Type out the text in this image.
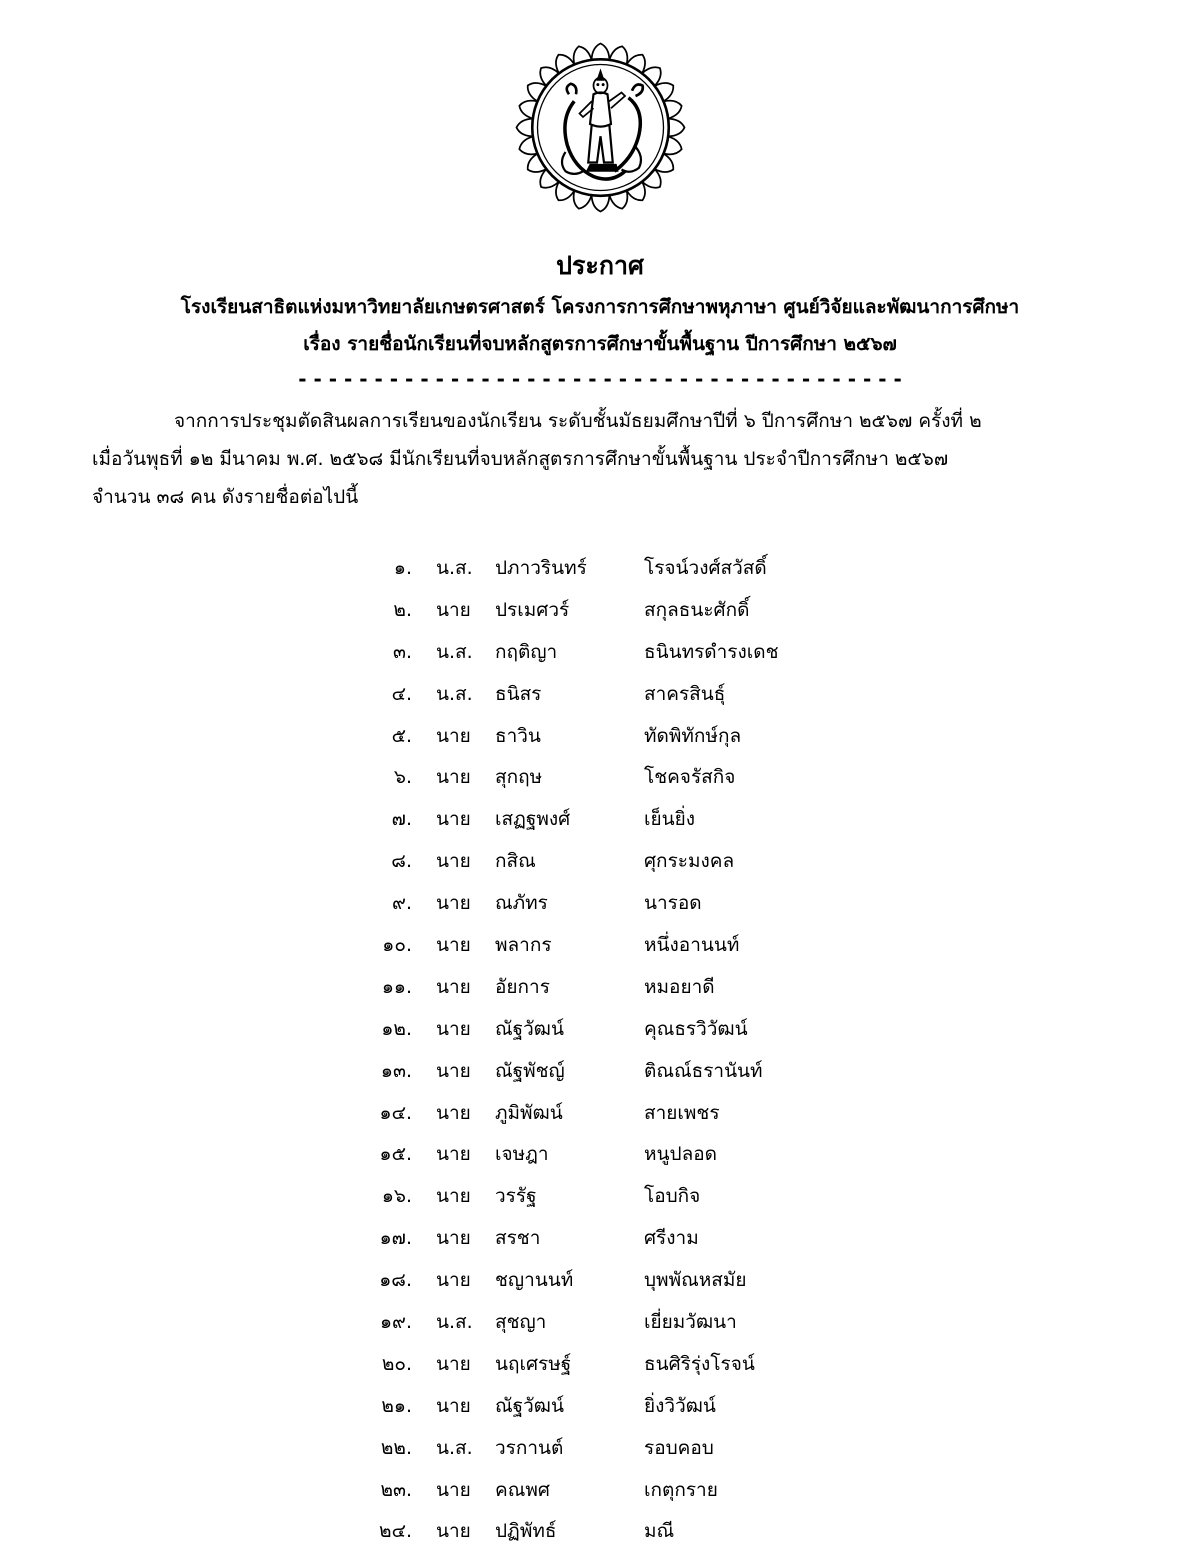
ประกาศ
โรงเรียนสาธิตแห่งมหาวิทยาลัยเกษตรศาสตร์ โครงการการศึกษาพหุภาษา ศูนย์วิจัยและพัฒนาการศึกษา
เรื่อง รายชื่อนักเรียนที่จบหลักสูตรการศึกษาขั้นพื้นฐาน ปีการศึกษา ๒๕๖๗
- - - - - - - - - - - - - - - - - - - - - - - - - - - - - - - - - - - - - - - -
จากการประชุมตัดสินผลการเรียนของนักเรียน ระดับชั้นมัธยมศึกษาปีที่ ๖ ปีการศึกษา ๒๕๖๗ ครั้งที่ ๒
เมื่อวันพุธที่ ๑๒ มีนาคม พ.ศ. ๒๕๖๘ มีนักเรียนที่จบหลักสูตรการศึกษาขั้นพื้นฐาน ประจำปีการศึกษา ๒๕๖๗
จำนวน ๓๘ คน ดังรายชื่อต่อไปนี้
๑. น.ส. ปภาวรินทร์	โรจน์วงศ์สวัสดิ์
๒. นาย ปรเมศวร์	สกุลธนะศักดิ์
๓. น.ส. กฤติญา	ธนินทรดำรงเดช
๔. น.ส. ธนิสร	สาครสินธุ์
๕. นาย ธาวิน	ทัดพิทักษ์กุล
๖. นาย สุกฤษ	โชคจรัสกิจ
๗. นาย เสฏฐพงศ์	เย็นยิ่ง
๘. นาย กสิณ	ศุกระมงคล
๙. นาย ณภัทร	นารอด
๑๐. นาย พลากร	หนึ่งอานนท์
๑๑. นาย อัยการ	หมอยาดี
๑๒. นาย ณัฐวัฒน์	คุณธรวิวัฒน์
๑๓. นาย ณัฐพัชญ์	ติณณ์ธรานันท์
๑๔. นาย ภูมิพัฒน์	สายเพชร
๑๕. นาย เจษฎา	หนูปลอด
๑๖. นาย วรรัฐ	โอบกิจ
๑๗. นาย สรชา	ศรีงาม
๑๘. นาย ชญานนท์	บุพพัณหสมัย
๑๙. น.ส. สุชญา	เยี่ยมวัฒนา
๒๐. นาย นฤเศรษฐ์	ธนศิริรุ่งโรจน์
๒๑. นาย ณัฐวัฒน์	ยิ่งวิวัฒน์
๒๒. น.ส. วรกานต์	รอบคอบ
๒๓. นาย คณพศ	เกตุกราย
๒๔. นาย ปฏิพัทธ์	มณี
